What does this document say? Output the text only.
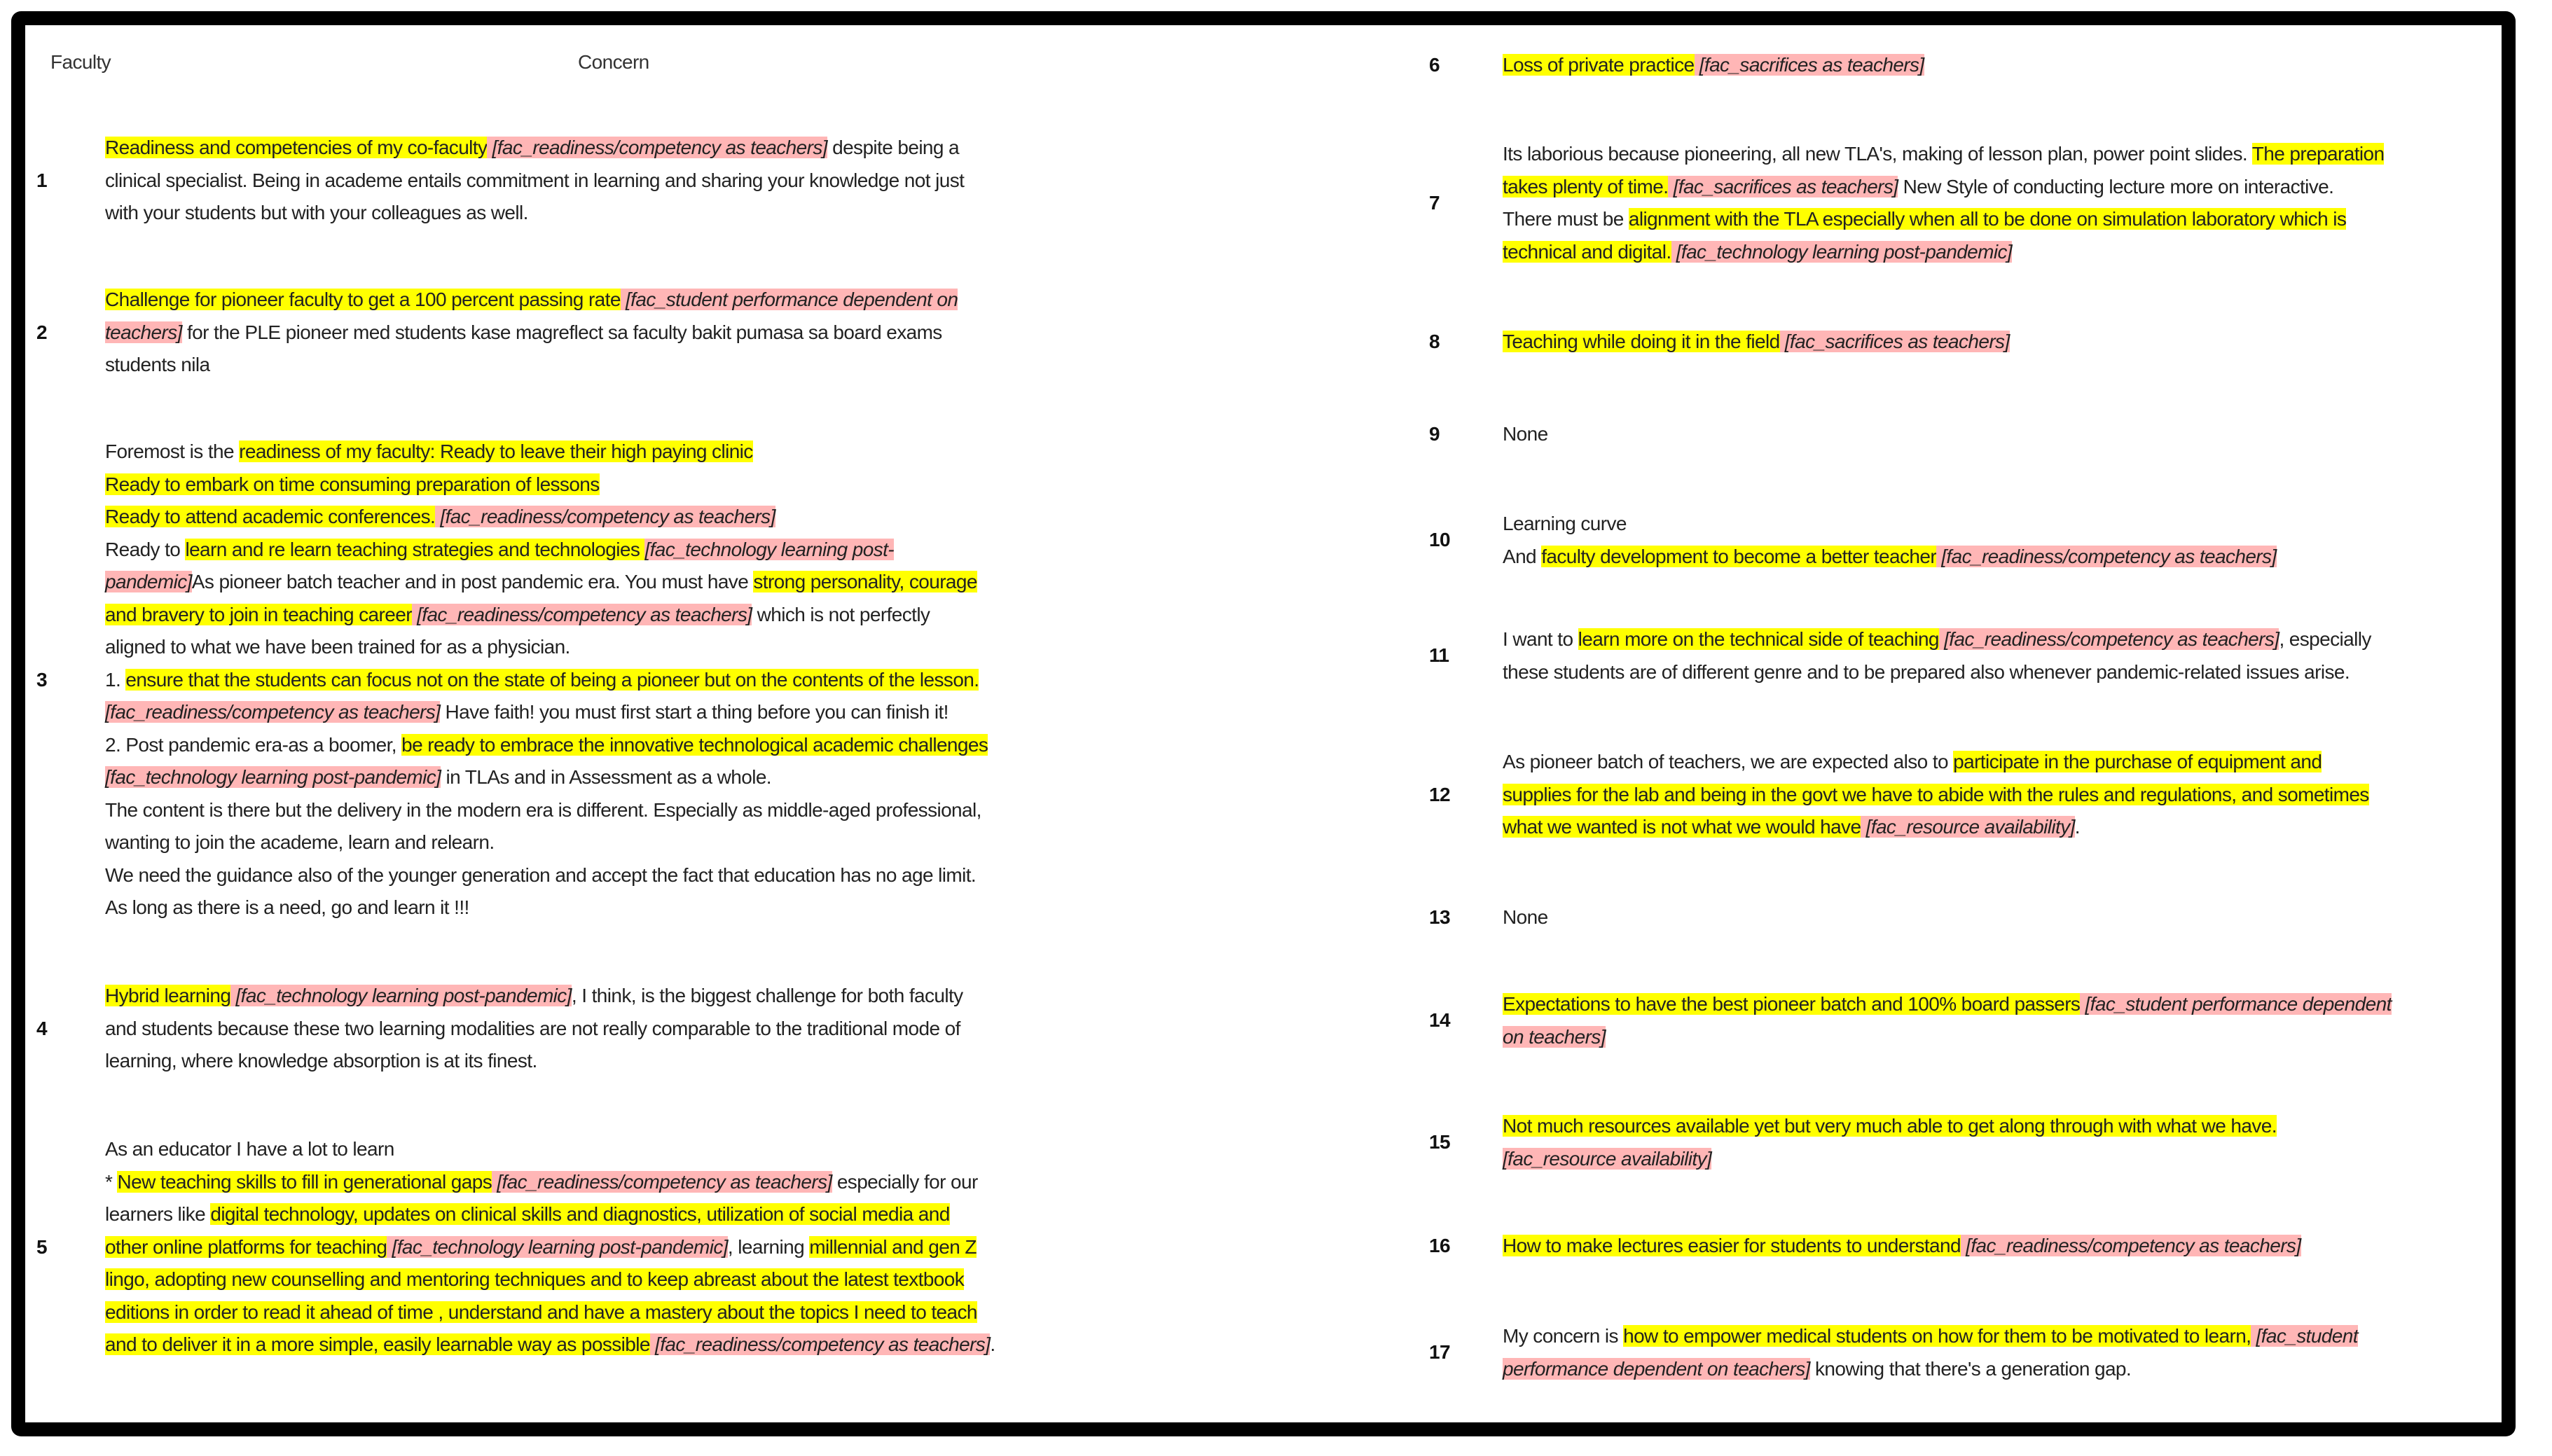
Faculty	Concern
1
Readiness and competencies of my co-faculty [fac_readiness/competency as teachers] despite being a
clinical specialist. Being in academe entails commitment in learning and sharing your knowledge not just
with your students but with your colleagues as well.
2
Challenge for pioneer faculty to get a 100 percent passing rate [fac_student performance dependent on
teachers] for the PLE pioneer med students kase magreflect sa faculty bakit pumasa sa board exams
students nila
3
Foremost is the readiness of my faculty: Ready to leave their high paying clinic
Ready to embark on time consuming preparation of lessons
Ready to attend academic conferences. [fac_readiness/competency as teachers]
Ready to learn and re learn teaching strategies and technologies [fac_technology learning post-
pandemic]As pioneer batch teacher and in post pandemic era. You must have strong personality, courage
and bravery to join in teaching career [fac_readiness/competency as teachers] which is not perfectly
aligned to what we have been trained for as a physician.
1. ensure that the students can focus not on the state of being a pioneer but on the contents of the lesson.
[fac_readiness/competency as teachers] Have faith! you must first start a thing before you can finish it!
2. Post pandemic era-as a boomer, be ready to embrace the innovative technological academic challenges
[fac_technology learning post-pandemic] in TLAs and in Assessment as a whole.
The content is there but the delivery in the modern era is different. Especially as middle-aged professional,
wanting to join the academe, learn and relearn.
We need the guidance also of the younger generation and accept the fact that education has no age limit.
As long as there is a need, go and learn it !!!
4
Hybrid learning [fac_technology learning post-pandemic], I think, is the biggest challenge for both faculty
and students because these two learning modalities are not really comparable to the traditional mode of
learning, where knowledge absorption is at its finest.
5
As an educator I have a lot to learn
* New teaching skills to fill in generational gaps [fac_readiness/competency as teachers] especially for our
learners like digital technology, updates on clinical skills and diagnostics, utilization of social media and
other online platforms for teaching [fac_technology learning post-pandemic], learning millennial and gen Z
lingo, adopting new counselling and mentoring techniques and to keep abreast about the latest textbook
editions in order to read it ahead of time , understand and have a mastery about the topics I need to teach
and to deliver it in a more simple, easily learnable way as possible [fac_readiness/competency as teachers].
6	Loss of private practice [fac_sacrifices as teachers]
7
Its laborious because pioneering, all new TLA's, making of lesson plan, power point slides. The preparation
takes plenty of time. [fac_sacrifices as teachers] New Style of conducting lecture more on interactive.
There must be alignment with the TLA especially when all to be done on simulation laboratory which is
technical and digital. [fac_technology learning post-pandemic]
8	Teaching while doing it in the field [fac_sacrifices as teachers]
9	None
10
Learning curve
And faculty development to become a better teacher [fac_readiness/competency as teachers]
11
I want to learn more on the technical side of teaching [fac_readiness/competency as teachers], especially
these students are of different genre and to be prepared also whenever pandemic-related issues arise.
12
As pioneer batch of teachers, we are expected also to participate in the purchase of equipment and
supplies for the lab and being in the govt we have to abide with the rules and regulations, and sometimes
what we wanted is not what we would have [fac_resource availability].
13	None
14
Expectations to have the best pioneer batch and 100% board passers [fac_student performance dependent
on teachers]
15
Not much resources available yet but very much able to get along through with what we have.
[fac_resource availability]
16	How to make lectures easier for students to understand [fac_readiness/competency as teachers]
17
My concern is how to empower medical students on how for them to be motivated to learn, [fac_student
performance dependent on teachers] knowing that there's a generation gap.
